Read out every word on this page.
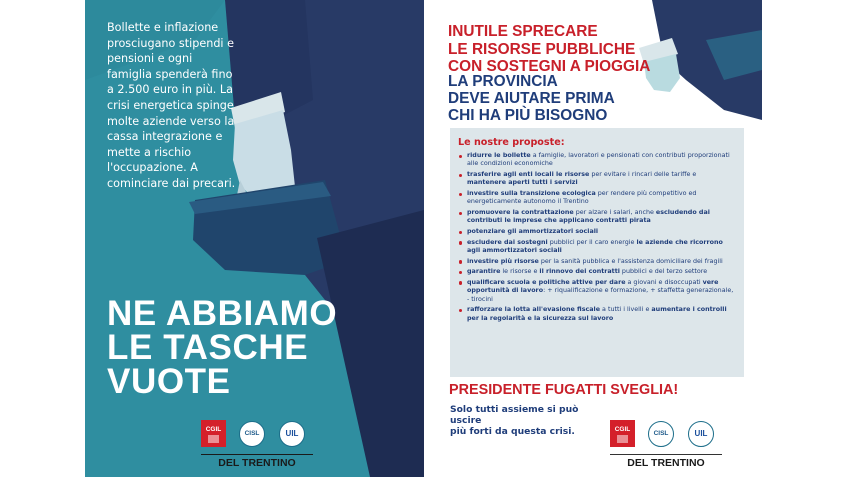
Bollette e inflazione prosciugano stipendi e pensioni e ogni famiglia spenderà fino a 2.500 euro in più. La crisi energetica spinge molte aziende verso la cassa integrazione e mette a rischio l'occupazione. A cominciare dai precari.
NE ABBIAMO
LE TASCHE
VUOTE
CGIL
CISL	UIL
DEL TRENTINO
INUTILE SPRECARE
LE RISORSE PUBBLICHE
CON SOSTEGNI A PIOGGIA
LA PROVINCIA
DEVE AIUTARE PRIMA
CHI HA PIÙ BISOGNO
Le nostre proposte:
ridurre le bollette a famiglie, lavoratori e pensionati con contributi proporzionati alle condizioni economiche
trasferire agli enti locali le risorse per evitare i rincari delle tariffe e mantenere aperti tutti i servizi
investire sulla transizione ecologica per rendere più competitivo ed energeticamente autonomo il Trentino
promuovere la contrattazione per alzare i salari, anche escludendo dai contributi le imprese che applicano contratti pirata
potenziare gli ammortizzatori sociali
escludere dai sostegni pubblici per il caro energie le aziende che ricorrono agli ammortizzatori sociali
investire più risorse per la sanità pubblica e l'assistenza domiciliare dei fragili
garantire le risorse e il rinnovo dei contratti pubblici e del terzo settore
qualificare scuola e politiche attive per dare a giovani e disoccupati vere opportunità di lavoro: + riqualificazione e formazione, + staffetta generazionale, - tirocini
rafforzare la lotta all'evasione fiscale a tutti i livelli e aumentare i controlli per la regolarità e la sicurezza sul lavoro
PRESIDENTE FUGATTI SVEGLIA!
Solo tutti assieme si può uscire
più forti da questa crisi.	CGIL
CISL	UIL
DEL TRENTINO
